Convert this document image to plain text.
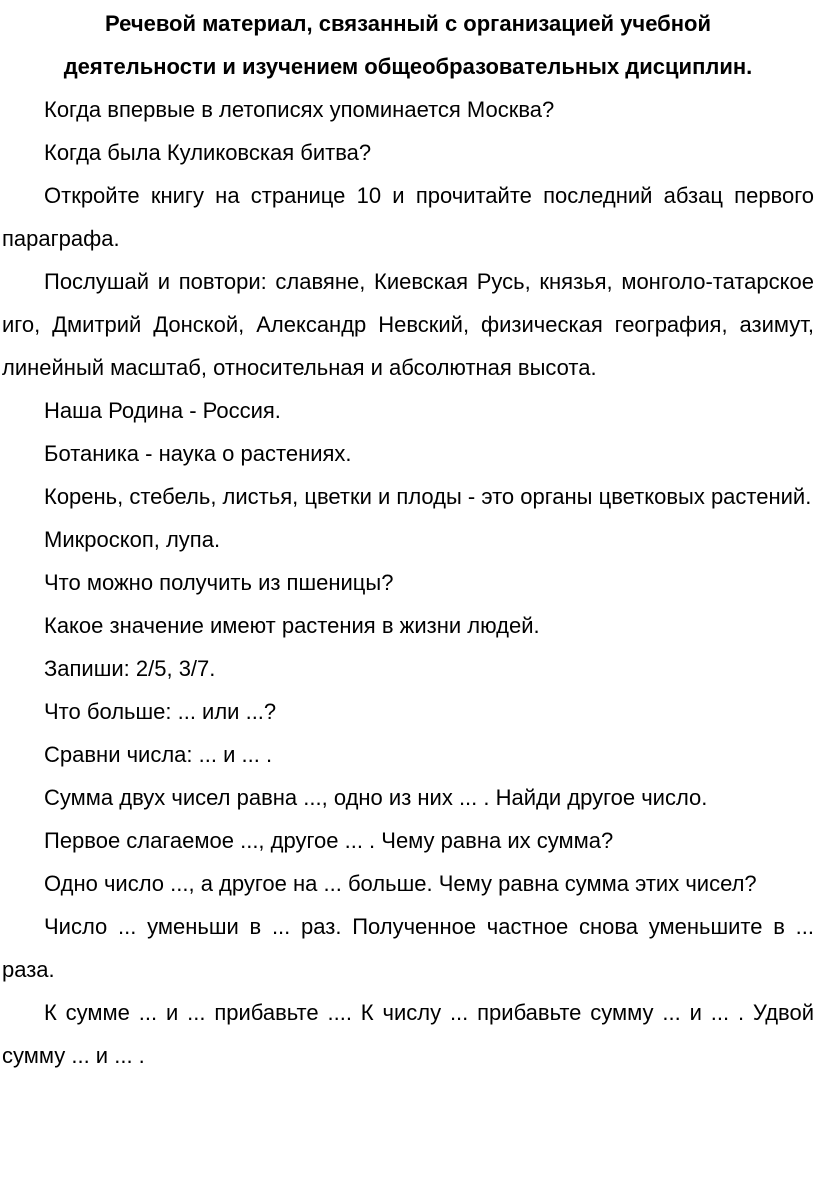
Речевой материал, связанный с организацией учебной
деятельности и изучением общеобразовательных дисциплин.

Когда впервые в летописях упоминается Москва?

Когда была Куликовская битва?

Откройте книгу на странице 10 и прочитайте последний абзац первого параграфа.

Послушай и повтори: славяне, Киевская Русь, князья, монголо-татарское иго, Дмитрий Донской, Александр Невский, физическая география, азимут, линейный масштаб, относительная и абсолютная высота.

Наша Родина - Россия.

Ботаника - наука о растениях.

Корень, стебель, листья, цветки и плоды - это органы цветковых растений.

Микроскоп, лупа.

Что можно получить из пшеницы?

Какое значение имеют растения в жизни людей.

Запиши: 2/5, 3/7.

Что больше: ... или ...?

Сравни числа: ... и ... .

Сумма двух чисел равна ..., одно из них ... . Найди другое число.

Первое слагаемое ..., другое ... . Чему равна их сумма?

Одно число ..., а другое на ... больше. Чему равна сумма этих чисел?

Число ... уменьши в ... раз. Полученное частное снова уменьшите в ... раза.

К сумме ... и ... прибавьте .... К числу ... прибавьте сумму ... и ... . Удвой сумму ... и ... .
